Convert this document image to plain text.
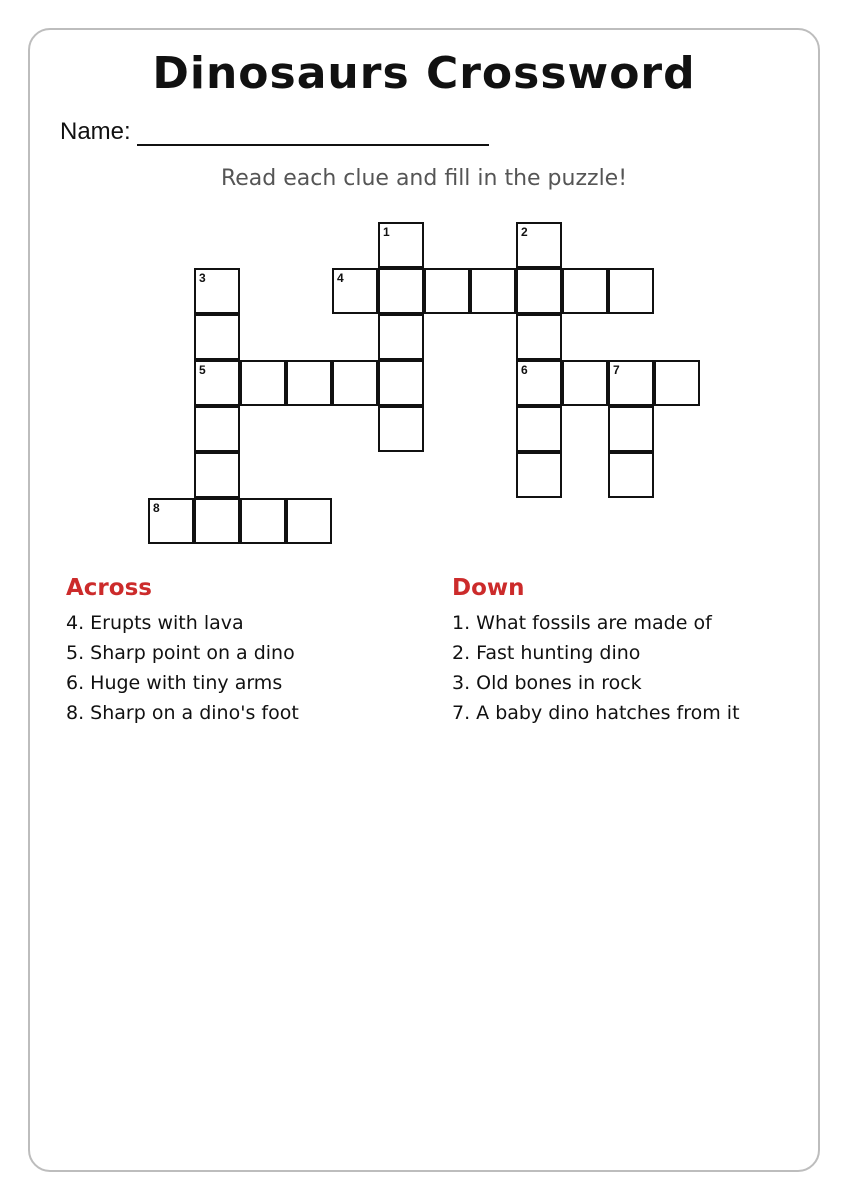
Dinosaurs Crossword
Name:
Read each clue and fill in the puzzle!
1	2
3	4
5	6	7
8
Across
4. Erupts with lava
5. Sharp point on a dino
6. Huge with tiny arms
8. Sharp on a dino's foot
Down
1. What fossils are made of
2. Fast hunting dino
3. Old bones in rock
7. A baby dino hatches from it
